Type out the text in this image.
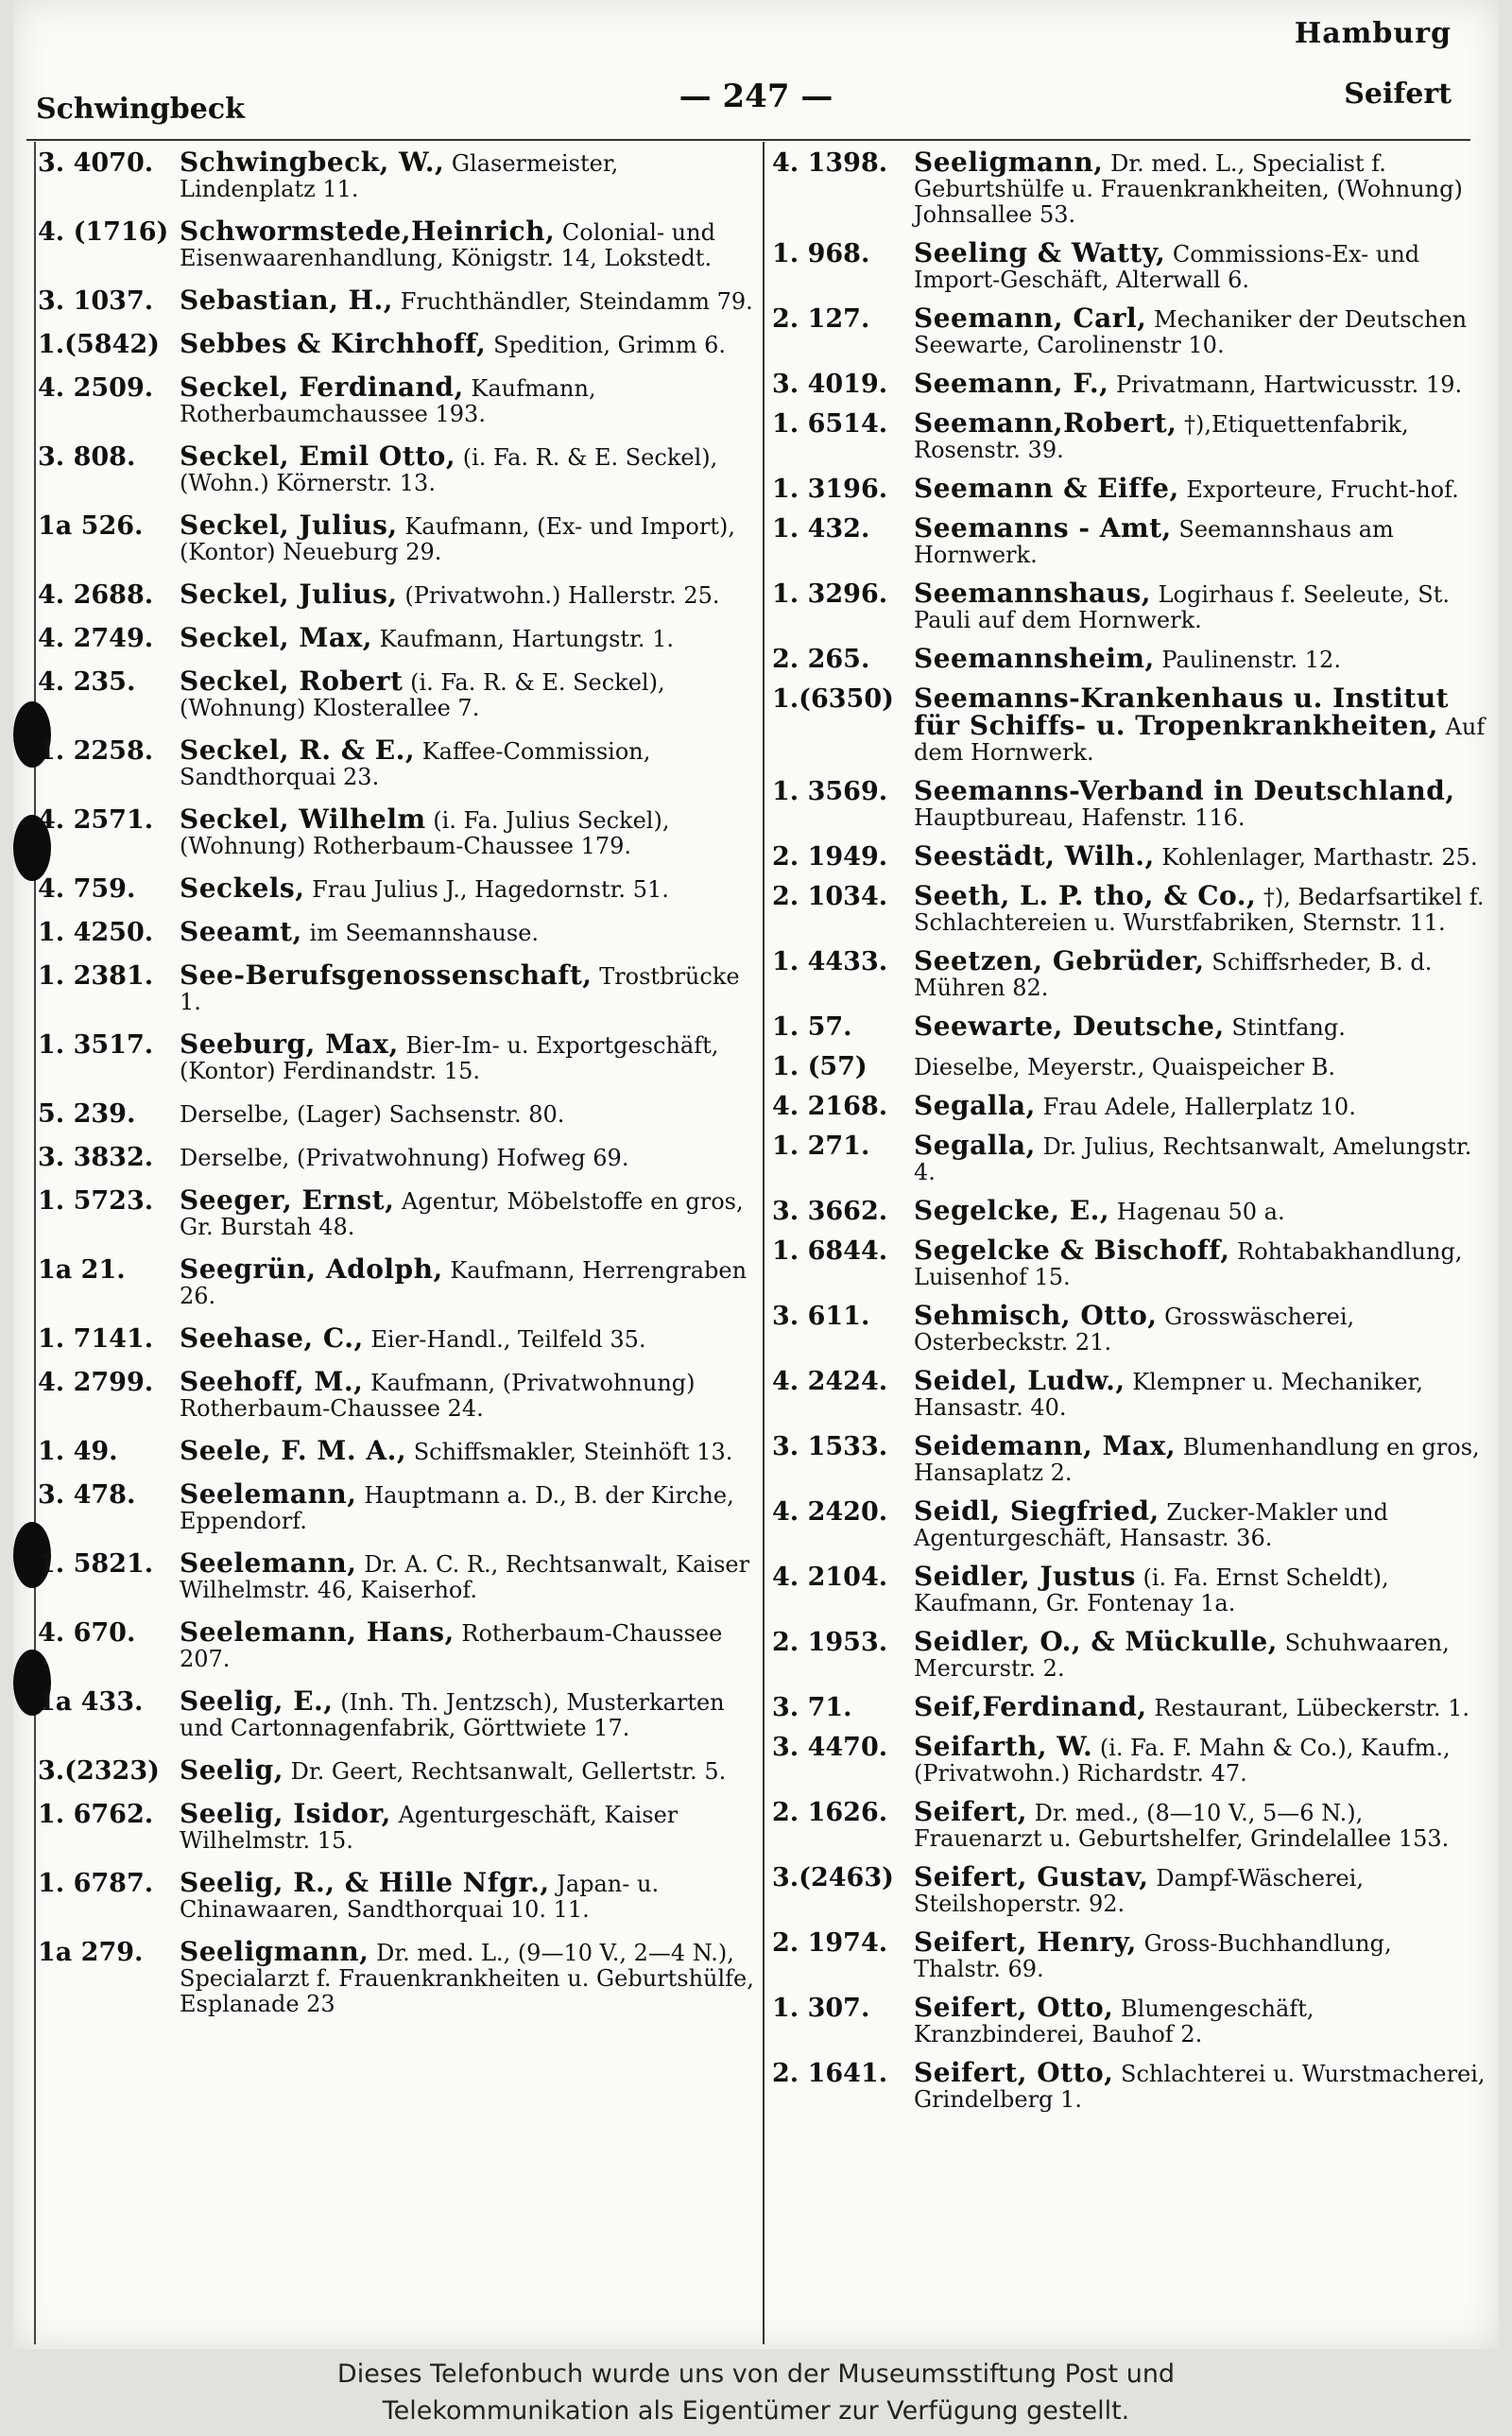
Hamburg
— 247 —
Schwingbeck	Seifert
3. 4070. Schwingbeck, W., Glasermeister, Lindenplatz 11.
4. (1716) Schwormstede,Heinrich, Colonial- und Eisenwaarenhandlung, Königstr. 14, Lokstedt.
3. 1037. Sebastian, H., Fruchthändler, Steindamm 79.
1.(5842) Sebbes & Kirchhoff, Spedition, Grimm 6.
4. 2509. Seckel, Ferdinand, Kaufmann, Rotherbaumchaussee 193.
3. 808.	Seckel, Emil Otto, (i. Fa. R. & E. Seckel), (Wohn.) Körnerstr. 13.
1a 526.	Seckel, Julius, Kaufmann, (Ex- und Import), (Kontor) Neueburg 29.
4. 2688. Seckel, Julius, (Privatwohn.) Hallerstr. 25.
4. 2749. Seckel, Max, Kaufmann, Hartungstr. 1.
4. 235.	Seckel, Robert (i. Fa. R. & E. Seckel), (Wohnung) Klosterallee 7.
1. 2258. Seckel, R. & E., Kaffee-Commission, Sandthorquai 23.
4. 2571. Seckel, Wilhelm (i. Fa. Julius Seckel), (Wohnung) Rotherbaum-Chaussee 179.
4. 759.	Seckels, Frau Julius J., Hagedornstr. 51.
1. 4250. Seeamt, im Seemannshause.
1. 2381. See-Berufsgenossenschaft, Trostbrücke 1.
1. 3517. Seeburg, Max, Bier-Im- u. Exportgeschäft, (Kontor) Ferdinandstr. 15.
5. 239.	Derselbe, (Lager) Sachsenstr. 80.
3. 3832.	Derselbe, (Privatwohnung) Hofweg 69.
1. 5723. Seeger, Ernst, Agentur, Möbelstoffe en gros, Gr. Burstah 48.
1a 21.	Seegrün, Adolph, Kaufmann, Herrengraben 26.
1. 7141. Seehase, C., Eier-Handl., Teilfeld 35.
4. 2799. Seehoff, M., Kaufmann, (Privatwohnung) Rotherbaum-Chaussee 24.
1. 49.	Seele, F. M. A., Schiffsmakler, Steinhöft 13.
3. 478.	Seelemann, Hauptmann a. D., B. der Kirche, Eppendorf.
1. 5821. Seelemann, Dr. A. C. R., Rechtsanwalt, Kaiser Wilhelmstr. 46, Kaiserhof.
4. 670.	Seelemann, Hans, Rotherbaum-Chaussee 207.
1a 433.	Seelig, E., (Inh. Th. Jentzsch), Musterkarten und Cartonnagenfabrik, Görttwiete 17.
3.(2323) Seelig, Dr. Geert, Rechtsanwalt, Gellertstr. 5.
1. 6762. Seelig, Isidor, Agenturgeschäft, Kaiser Wilhelmstr. 15.
1. 6787. Seelig, R., & Hille Nfgr., Japan- u. Chinawaaren, Sandthorquai 10. 11.
1a 279.	Seeligmann, Dr. med. L., (9—10 V., 2—4 N.), Specialarzt f. Frauenkrankheiten u. Geburtshülfe, Esplanade 23
4. 1398. Seeligmann, Dr. med. L., Specialist f. Geburtshülfe u. Frauenkrankheiten, (Wohnung) Johnsallee 53.
1. 968.	Seeling & Watty, Commissions-Ex- und Import-Geschäft, Alterwall 6.
2. 127.	Seemann, Carl, Mechaniker der Deutschen Seewarte, Carolinenstr 10.
3. 4019. Seemann, F., Privatmann, Hartwicusstr. 19.
1. 6514. Seemann,Robert, †),Etiquettenfabrik, Rosenstr. 39.
1. 3196. Seemann & Eiffe, Exporteure, Frucht-hof.
1. 432.	Seemanns - Amt, Seemannshaus am Hornwerk.
1. 3296. Seemannshaus, Logirhaus f. Seeleute, St. Pauli auf dem Hornwerk.
2. 265.	Seemannsheim, Paulinenstr. 12.
1.(6350) Seemanns-Krankenhaus u. Institut für Schiffs- u. Tropenkrankheiten, Auf dem Hornwerk.
1. 3569. Seemanns-Verband in Deutschland, Hauptbureau, Hafenstr. 116.
2. 1949. Seestädt, Wilh., Kohlenlager, Marthastr. 25.
2. 1034. Seeth, L. P. tho, & Co., †), Bedarfsartikel f. Schlachtereien u. Wurstfabriken, Sternstr. 11.
1. 4433. Seetzen, Gebrüder, Schiffsrheder, B. d. Mühren 82.
1. 57.	Seewarte, Deutsche, Stintfang.
1. (57)	Dieselbe, Meyerstr., Quaispeicher B.
4. 2168. Segalla, Frau Adele, Hallerplatz 10.
1. 271.	Segalla, Dr. Julius, Rechtsanwalt, Amelungstr. 4.
3. 3662. Segelcke, E., Hagenau 50 a.
1. 6844. Segelcke & Bischoff, Rohtabakhandlung, Luisenhof 15.
3. 611.	Sehmisch, Otto, Grosswäscherei, Osterbeckstr. 21.
4. 2424. Seidel, Ludw., Klempner u. Mechaniker, Hansastr. 40.
3. 1533. Seidemann, Max, Blumenhandlung en gros, Hansaplatz 2.
4. 2420. Seidl, Siegfried, Zucker-Makler und Agenturgeschäft, Hansastr. 36.
4. 2104. Seidler, Justus (i. Fa. Ernst Scheldt), Kaufmann, Gr. Fontenay 1a.
2. 1953. Seidler, O., & Mückulle, Schuhwaaren, Mercurstr. 2.
3. 71.	Seif,Ferdinand, Restaurant, Lübeckerstr. 1.
3. 4470. Seifarth, W. (i. Fa. F. Mahn & Co.), Kaufm., (Privatwohn.) Richardstr. 47.
2. 1626. Seifert, Dr. med., (8—10 V., 5—6 N.), Frauenarzt u. Geburtshelfer, Grindelallee 153.
3.(2463) Seifert, Gustav, Dampf-Wäscherei, Steilshoperstr. 92.
2. 1974. Seifert, Henry, Gross-Buchhandlung, Thalstr. 69.
1. 307.	Seifert, Otto, Blumengeschäft, Kranzbinderei, Bauhof 2.
2. 1641. Seifert, Otto, Schlachterei u. Wurstmacherei, Grindelberg 1.
Dieses Telefonbuch wurde uns von der Museumsstiftung Post und
Telekommunikation als Eigentümer zur Verfügung gestellt.
